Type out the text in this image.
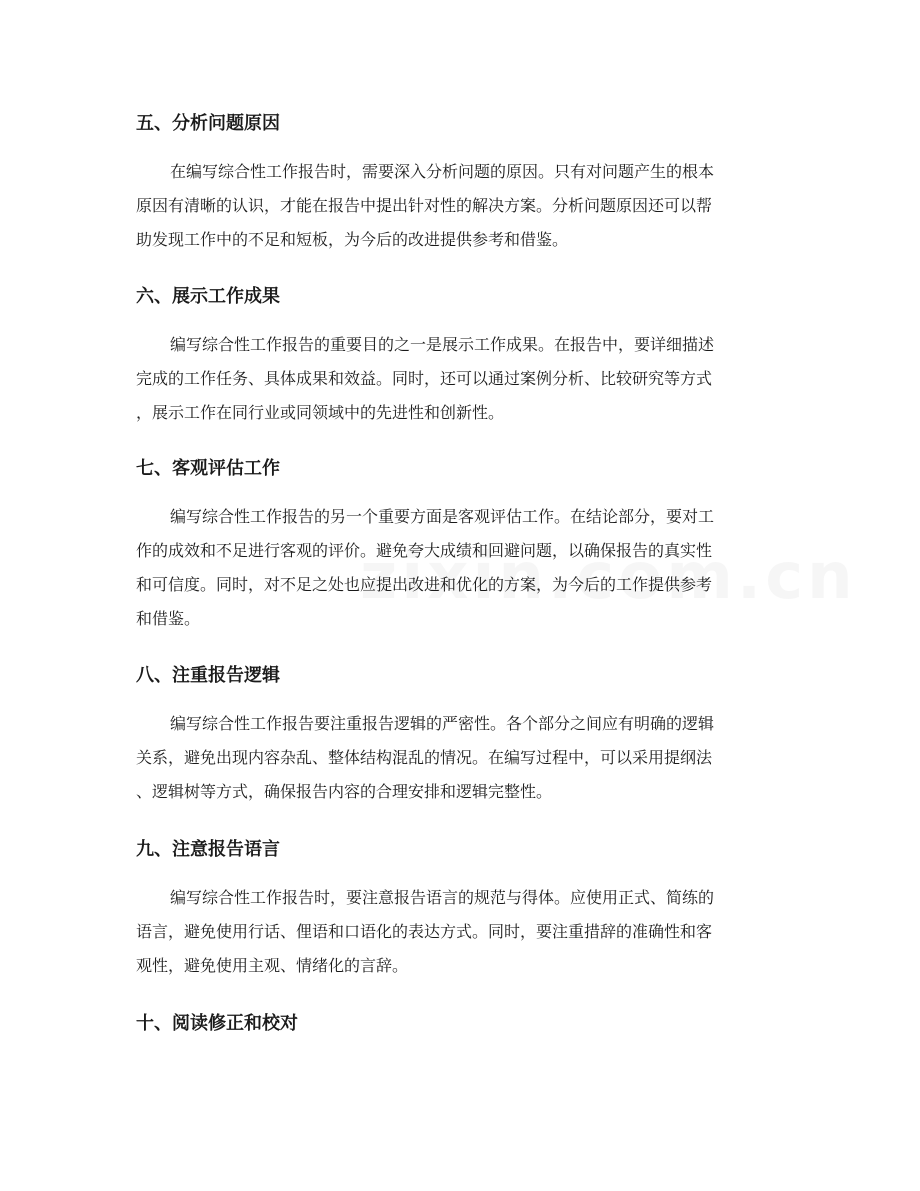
五、分析问题原因
在编写综合性工作报告时，需要深入分析问题的原因。只有对问题产生的根本
原因有清晰的认识，才能在报告中提出针对性的解决方案。分析问题原因还可以帮
助发现工作中的不足和短板，为今后的改进提供参考和借鉴。
六、展示工作成果
编写综合性工作报告的重要目的之一是展示工作成果。在报告中，要详细描述
完成的工作任务、具体成果和效益。同时，还可以通过案例分析、比较研究等方式
，展示工作在同行业或同领域中的先进性和创新性。
七、客观评估工作
编写综合性工作报告的另一个重要方面是客观评估工作。在结论部分，要对工
作的成效和不足进行客观的评价。避免夸大成绩和回避问题，以确保报告的真实性
和可信度。同时，对不足之处也应提出改进和优化的方案，为今后的工作提供参考
和借鉴。
八、注重报告逻辑
编写综合性工作报告要注重报告逻辑的严密性。各个部分之间应有明确的逻辑
关系，避免出现内容杂乱、整体结构混乱的情况。在编写过程中，可以采用提纲法
、逻辑树等方式，确保报告内容的合理安排和逻辑完整性。
九、注意报告语言
编写综合性工作报告时，要注意报告语言的规范与得体。应使用正式、简练的
语言，避免使用行话、俚语和口语化的表达方式。同时，要注重措辞的准确性和客
观性，避免使用主观、情绪化的言辞。
十、阅读修正和校对
